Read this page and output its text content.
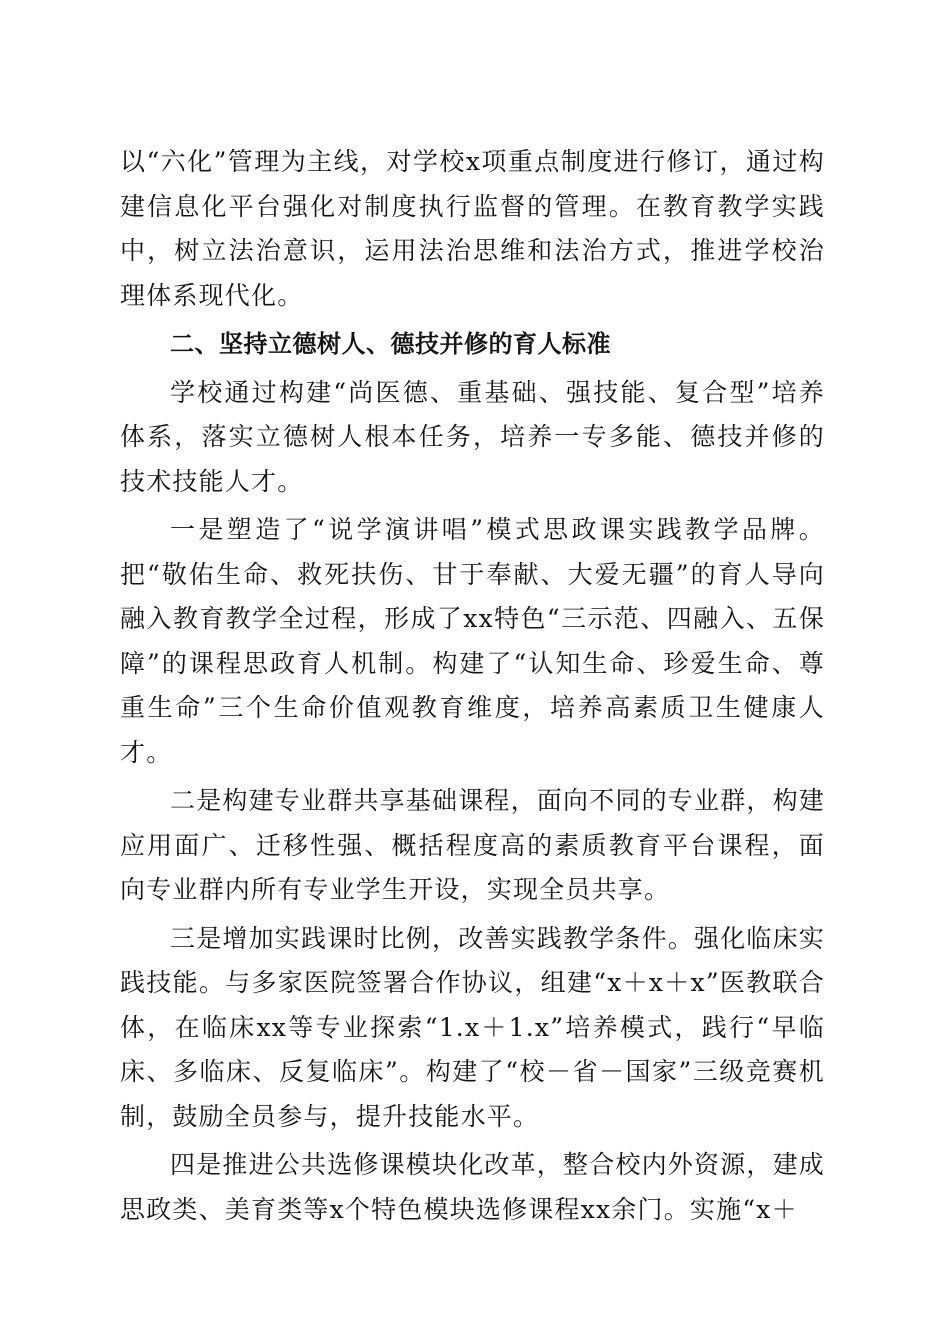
以“六化”管理为主线，对学校x项重点制度进行修订，通过构建信息化平台强化对制度执行监督的管理。在教育教学实践中，树立法治意识，运用法治思维和法治方式，推进学校治理体系现代化。

二、坚持立德树人、德技并修的育人标准

学校通过构建“尚医德、重基础、强技能、复合型”培养体系，落实立德树人根本任务，培养一专多能、德技并修的技术技能人才。

一是塑造了“说学演讲唱”模式思政课实践教学品牌。把“敬佑生命、救死扶伤、甘于奉献、大爱无疆”的育人导向融入教育教学全过程，形成了xx特色“三示范、四融入、五保障”的课程思政育人机制。构建了“认知生命、珍爱生命、尊重生命”三个生命价值观教育维度，培养高素质卫生健康人才。

二是构建专业群共享基础课程，面向不同的专业群，构建应用面广、迁移性强、概括程度高的素质教育平台课程，面向专业群内所有专业学生开设，实现全员共享。

三是增加实践课时比例，改善实践教学条件。强化临床实践技能。与多家医院签署合作协议，组建“x＋x＋x”医教联合体，在临床xx等专业探索“1.x＋1.x”培养模式，践行“早临床、多临床、反复临床”。构建了“校－省－国家”三级竞赛机制，鼓励全员参与，提升技能水平。

四是推进公共选修课模块化改革，整合校内外资源，建成思政类、美育类等x个特色模块选修课程xx余门。实施“x＋
